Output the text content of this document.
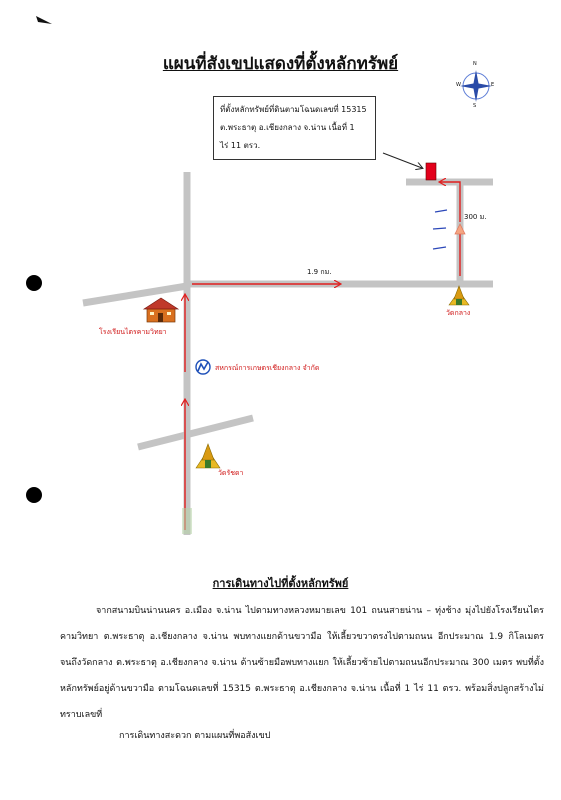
แผนที่สังเขปแสดงที่ตั้งหลักทรัพย์	N
S
E
W
ที่ตั้งหลักทรัพย์ที่ดินตามโฉนดเลขที่ 15315
ต.พระธาตุ อ.เชียงกลาง จ.น่าน เนื้อที่ 1
ไร่ 11 ตรว.
1.9 กม.
300 ม.
โรงเรียนไตรคามวิทยา
สหกรณ์การเกษตรเชียงกลาง จำกัด
วัดกลาง
วัดรัชดา
การเดินทางไปที่ตั้งหลักทรัพย์
จากสนามบินน่านนคร อ.เมือง จ.น่าน ไปตามทางหลวงหมายเลข 101 ถนนสายน่าน – ทุ่งช้าง มุ่งไปยังโรงเรียนไตรคามวิทยา ต.พระธาตุ อ.เชียงกลาง จ.น่าน พบทางแยกด้านขวามือ ให้เลี้ยวขวาตรงไปตามถนน อีกประมาณ 1.9 กิโลเมตร จนถึงวัดกลาง ต.พระธาตุ อ.เชียงกลาง จ.น่าน ด้านซ้ายมือพบทางแยก ให้เลี้ยวซ้ายไปตามถนนอีกประมาณ 300 เมตร พบที่ตั้งหลักทรัพย์อยู่ด้านขวามือ ตามโฉนดเลขที่ 15315 ต.พระธาตุ อ.เชียงกลาง จ.น่าน เนื้อที่ 1 ไร่ 11 ตรว. พร้อมสิ่งปลูกสร้างไม่ทราบเลขที่
การเดินทางสะดวก ตามแผนที่พอสังเขป
